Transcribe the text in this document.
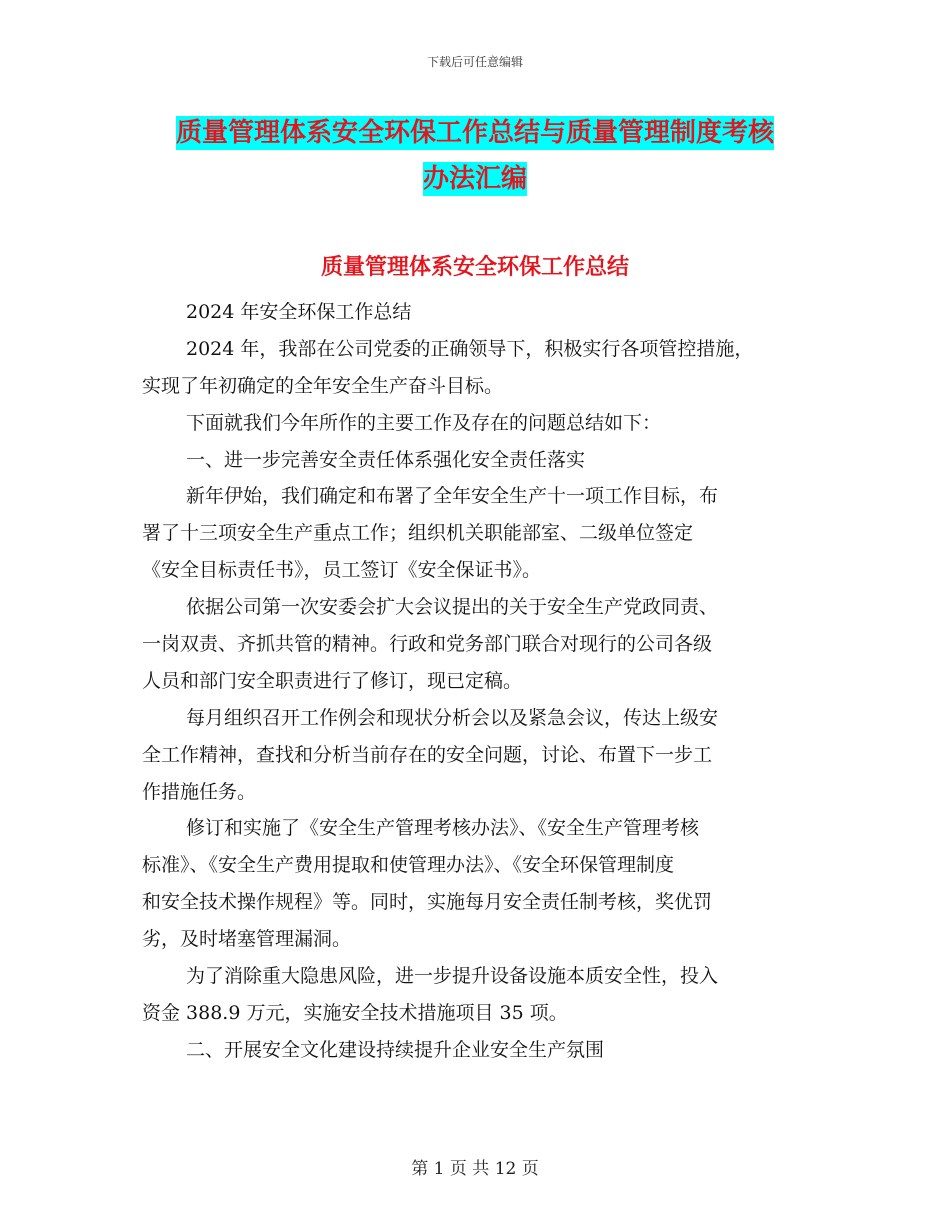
下载后可任意编辑
质量管理体系安全环保工作总结与质量管理制度考核
办法汇编
质量管理体系安全环保工作总结
2024 年安全环保工作总结
2024 年，我部在公司党委的正确领导下，积极实行各项管控措施，
实现了年初确定的全年安全生产奋斗目标。
下面就我们今年所作的主要工作及存在的问题总结如下：
一、进一步完善安全责任体系强化安全责任落实
新年伊始，我们确定和布署了全年安全生产十一项工作目标，布
署了十三项安全生产重点工作；组织机关职能部室、二级单位签定
《安全目标责任书》，员工签订《安全保证书》。
依据公司第一次安委会扩大会议提出的关于安全生产党政同责、
一岗双责、齐抓共管的精神。行政和党务部门联合对现行的公司各级
人员和部门安全职责进行了修订，现已定稿。
每月组织召开工作例会和现状分析会以及紧急会议，传达上级安
全工作精神，查找和分析当前存在的安全问题，讨论、布置下一步工
作措施任务。
修订和实施了《安全生产管理考核办法》、《安全生产管理考核
标准》、《安全生产费用提取和使管理办法》、《安全环保管理制度
和安全技术操作规程》等。同时，实施每月安全责任制考核，奖优罚
劣，及时堵塞管理漏洞。
为了消除重大隐患风险，进一步提升设备设施本质安全性，投入
资金 388.9 万元，实施安全技术措施项目 35 项。
二、开展安全文化建设持续提升企业安全生产氛围
第 1 页 共 12 页
